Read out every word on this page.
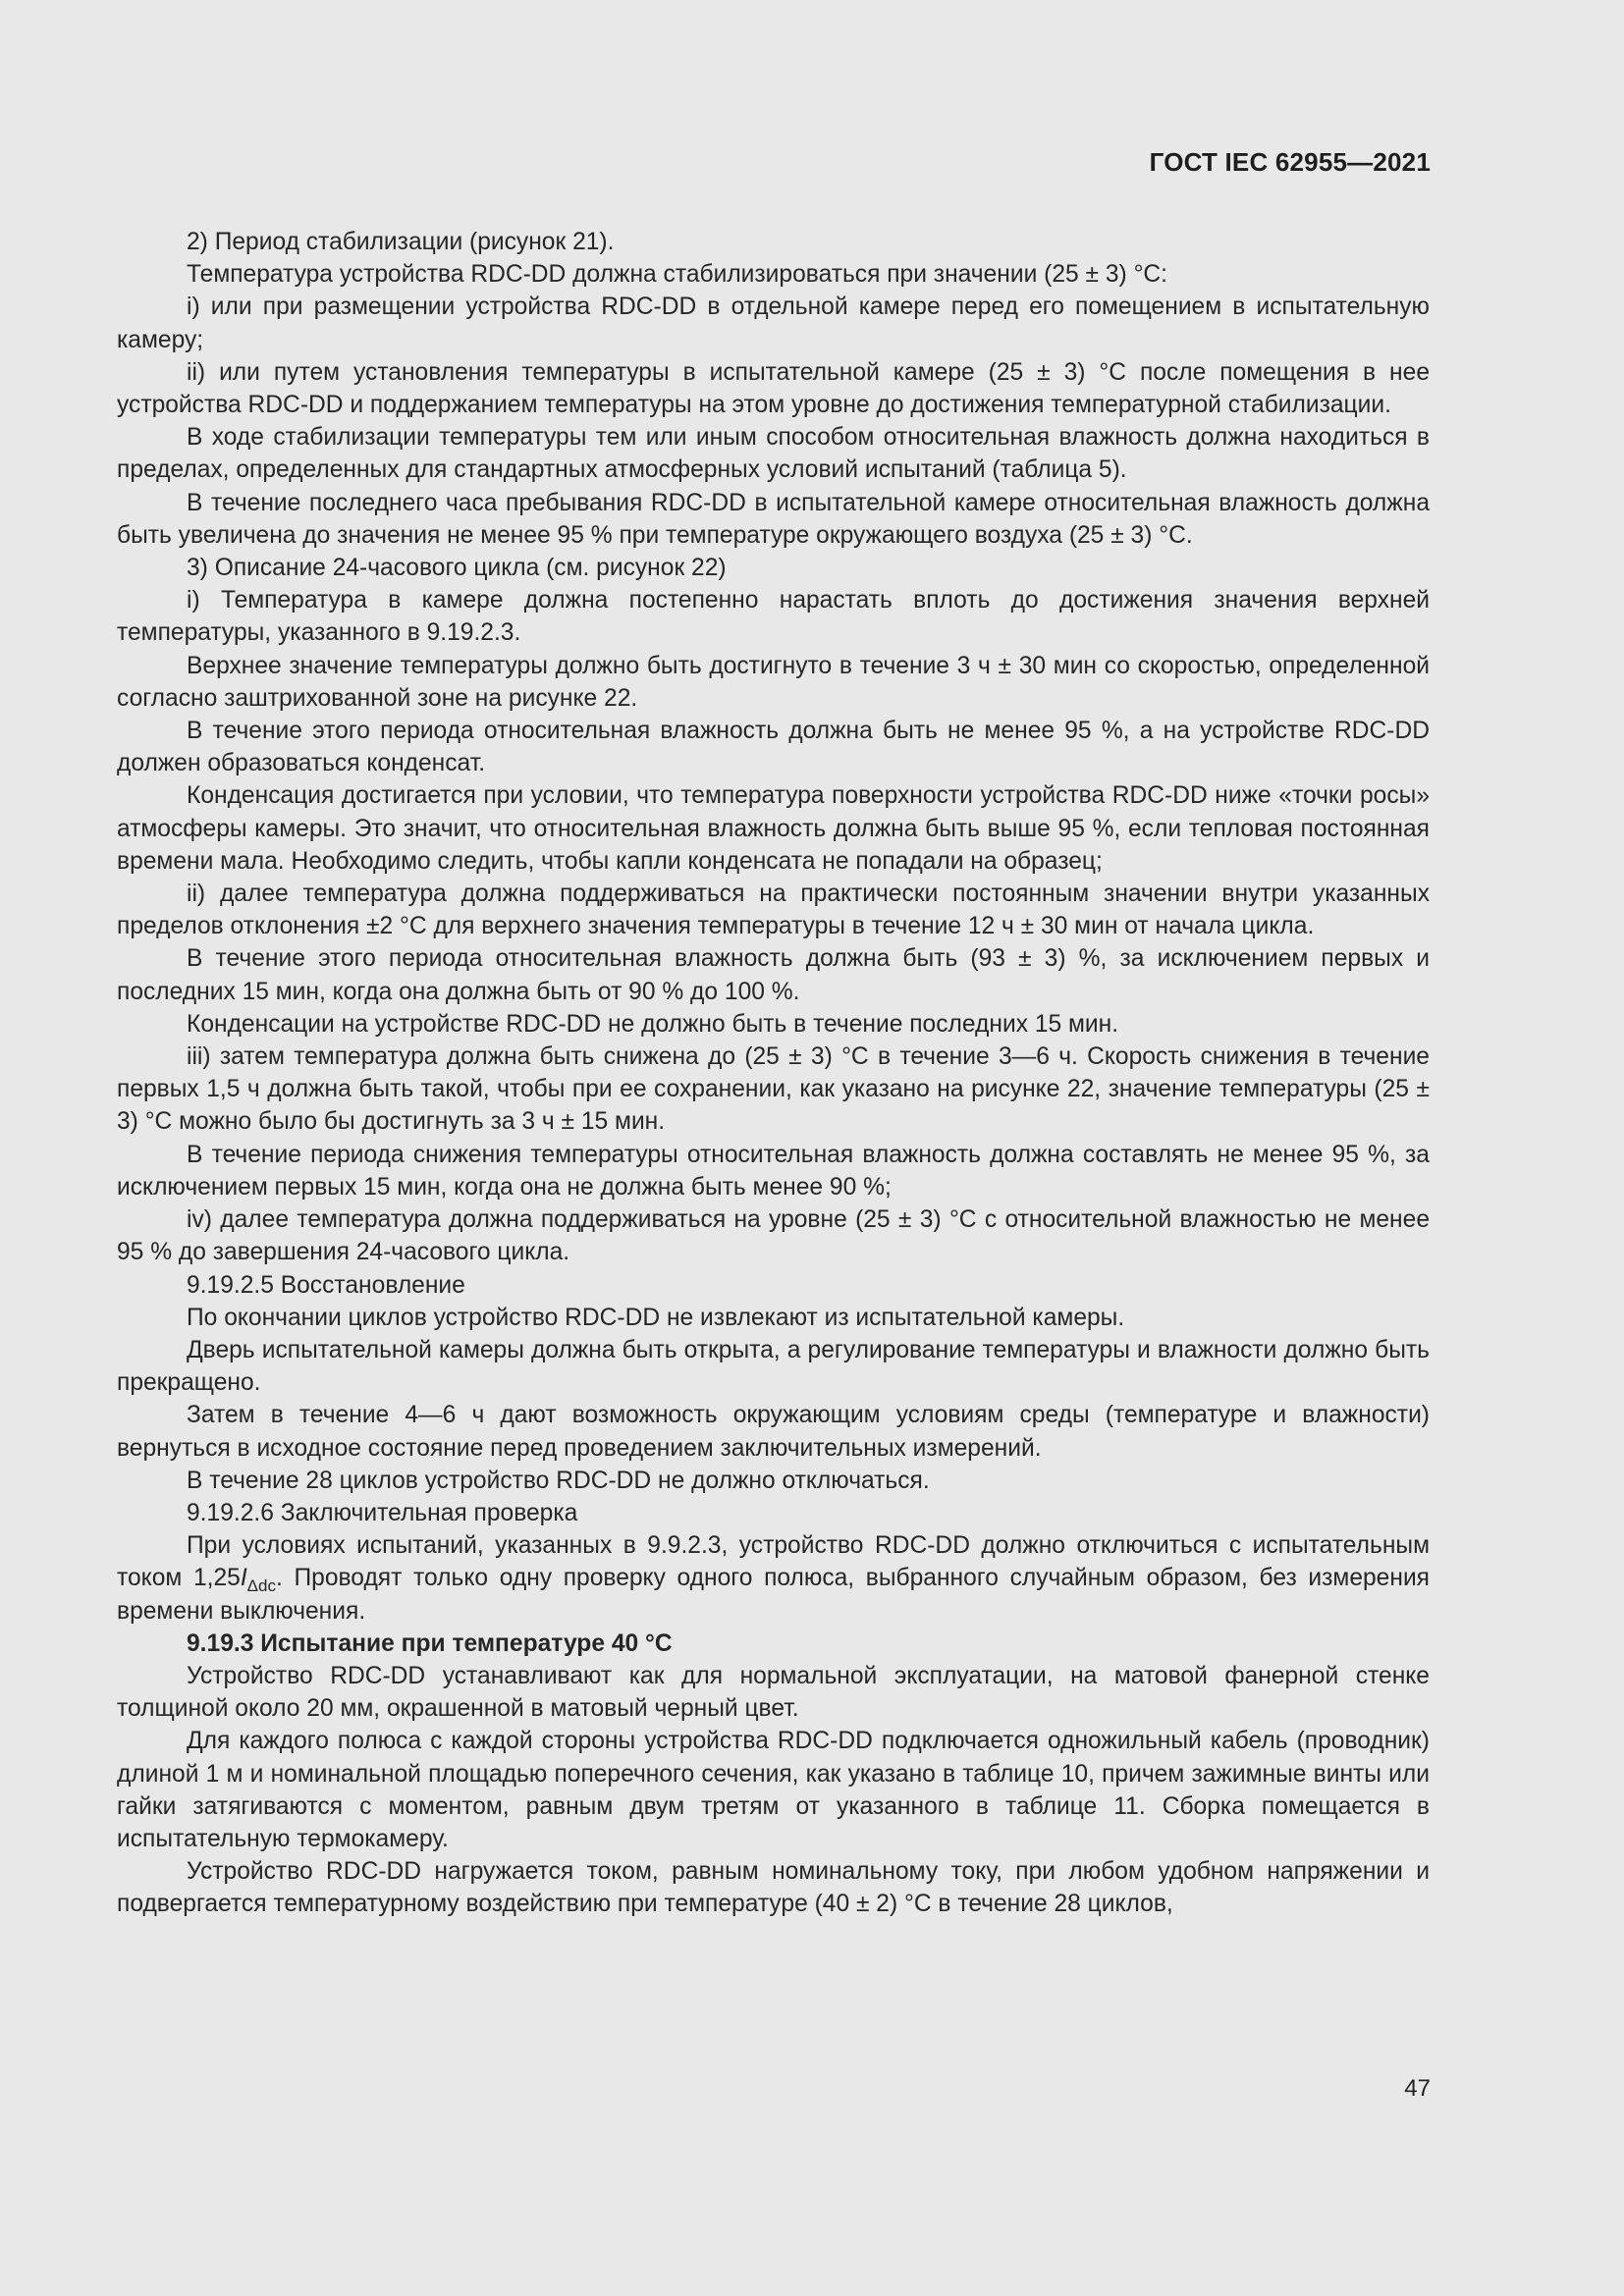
ГОСТ IEC 62955—2021

2) Период стабилизации (рисунок 21).

Температура устройства RDC-DD должна стабилизироваться при значении (25 ± 3) °С:

i) или при размещении устройства RDC-DD в отдельной камере перед его помещением в испытательную камеру;

ii) или путем установления температуры в испытательной камере (25 ± 3) °С после помещения в нее устройства RDC-DD и поддержанием температуры на этом уровне до достижения температурной стабилизации.

В ходе стабилизации температуры тем или иным способом относительная влажность должна находиться в пределах, определенных для стандартных атмосферных условий испытаний (таблица 5).

В течение последнего часа пребывания RDC-DD в испытательной камере относительная влажность должна быть увеличена до значения не менее 95 % при температуре окружающего воздуха (25 ± 3) °С.

3) Описание 24-часового цикла (см. рисунок 22)

i) Температура в камере должна постепенно нарастать вплоть до достижения значения верхней температуры, указанного в 9.19.2.3.

Верхнее значение температуры должно быть достигнуто в течение 3 ч ± 30 мин со скоростью, определенной согласно заштрихованной зоне на рисунке 22.

В течение этого периода относительная влажность должна быть не менее 95 %, а на устройстве RDC-DD должен образоваться конденсат.

Конденсация достигается при условии, что температура поверхности устройства RDC-DD ниже «точки росы» атмосферы камеры. Это значит, что относительная влажность должна быть выше 95 %, если тепловая постоянная времени мала. Необходимо следить, чтобы капли конденсата не попадали на образец;

ii) далее температура должна поддерживаться на практически постоянным значении внутри указанных пределов отклонения ±2 °С для верхнего значения температуры в течение 12 ч ± 30 мин от начала цикла.

В течение этого периода относительная влажность должна быть (93 ± 3) %, за исключением первых и последних 15 мин, когда она должна быть от 90 % до 100 %.

Конденсации на устройстве RDC-DD не должно быть в течение последних 15 мин.

iii) затем температура должна быть снижена до (25 ± 3) °С в течение 3—6 ч. Скорость снижения в течение первых 1,5 ч должна быть такой, чтобы при ее сохранении, как указано на рисунке 22, значение температуры (25 ± 3) °С можно было бы достигнуть за 3 ч ± 15 мин.

В течение периода снижения температуры относительная влажность должна составлять не менее 95 %, за исключением первых 15 мин, когда она не должна быть менее 90 %;

iv) далее температура должна поддерживаться на уровне (25 ± 3) °С с относительной влажностью не менее 95 % до завершения 24-часового цикла.

9.19.2.5 Восстановление

По окончании циклов устройство RDC-DD не извлекают из испытательной камеры.

Дверь испытательной камеры должна быть открыта, а регулирование температуры и влажности должно быть прекращено.

Затем в течение 4—6 ч дают возможность окружающим условиям среды (температуре и влажности) вернуться в исходное состояние перед проведением заключительных измерений.

В течение 28 циклов устройство RDC-DD не должно отключаться.

9.19.2.6 Заключительная проверка

При условиях испытаний, указанных в 9.9.2.3, устройство RDC-DD должно отключиться с испытательным током $1,25I_{\Delta dc}$. Проводят только одну проверку одного полюса, выбранного случайным образом, без измерения времени выключения.

9.19.3 Испытание при температуре 40 °С

Устройство RDC-DD устанавливают как для нормальной эксплуатации, на матовой фанерной стенке толщиной около 20 мм, окрашенной в матовый черный цвет.

Для каждого полюса с каждой стороны устройства RDC-DD подключается одножильный кабель (проводник) длиной 1 м и номинальной площадью поперечного сечения, как указано в таблице 10, причем зажимные винты или гайки затягиваются с моментом, равным двум третям от указанного в таблице 11. Сборка помещается в испытательную термокамеру.

Устройство RDC-DD нагружается током, равным номинальному току, при любом удобном напряжении и подвергается температурному воздействию при температуре (40 ± 2) °С в течение 28 циклов,

47
